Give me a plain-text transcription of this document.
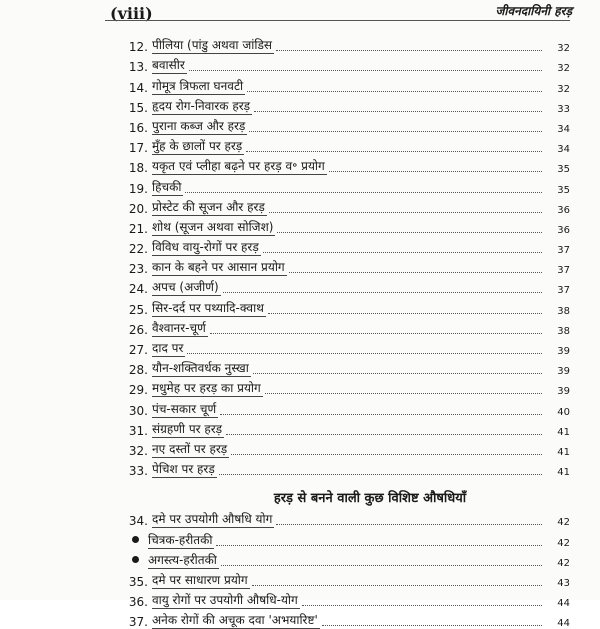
(viii)	जीवनदायिनी हरड़
12. पीलिया (पांडु अथवा जांडिस	32
13. बवासीर	32
14. गोमूत्र त्रिफला घनवटी	32
15. हृदय रोग-निवारक हरड़	33
16. पुराना कब्ज और हरड़	34
17. मुँह के छालों पर हरड़	34
18. यकृत एवं प्लीहा बढ़ने पर हरड़ व॰ प्रयोग	35
19. हिचकी	35
20. प्रोस्टेट की सूजन और हरड़	36
21. शोथ (सूजन अथवा सोजिश)	36
22. विविध वायु-रोगों पर हरड़	37
23. कान के बहने पर आसान प्रयोग	37
24. अपच (अजीर्ण)	37
25. सिर-दर्द पर पथ्यादि-क्वाथ	38
26. वैश्वानर-चूर्ण	38
27. दाद पर	39
28. यौन-शक्तिवर्धक नुस्खा	39
29. मधुमेह पर हरड़ का प्रयोग	39
30. पंच-सकार चूर्ण	40
31. संग्रहणी पर हरड़	41
32. नए दस्तों पर हरड़	41
33. पेचिश पर हरड़	41
हरड़ से बनने वाली कुछ विशिष्ट औषधियाँ
34. दमे पर उपयोगी औषधि योग	42
चित्रक-हरीतकी	42
अगस्त्य-हरीतकी	42
35. दमे पर साधारण प्रयोग	43
36. वायु रोगों पर उपयोगी औषधि-योग	44
37. अनेक रोगों की अचूक दवा 'अभयारिष्ट'	44
